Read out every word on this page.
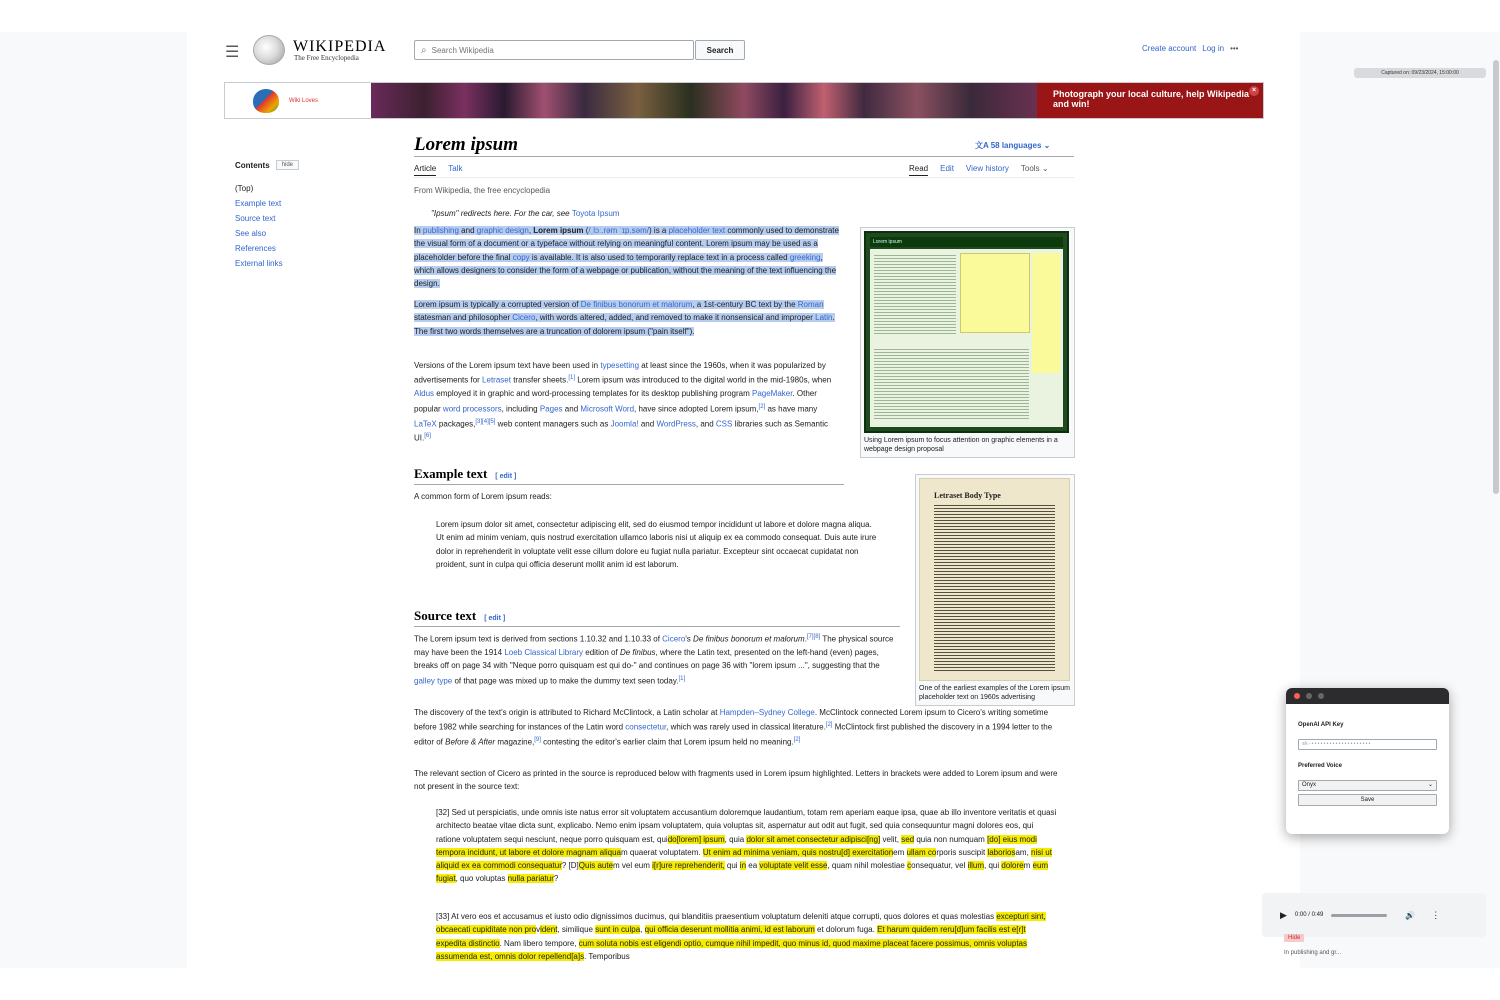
Captured on: 09/23/2024, 15:00:00
☰	WIKIPEDIA
The Free Encyclopedia
⌕
Search Wikipedia	Search	Create account Log in •••
Wiki Loves
Photograph your local culture, help Wikipedia and win!
×
Contents	hide
(Top)
Example text
Source text
See also
References
External links
Lorem ipsum	文A 58 languages ⌄
Article Talk	Read Edit View history Tools ⌄
From Wikipedia, the free encyclopedia
"Ipsum" redirects here. For the car, see Toyota Ipsum

In publishing and graphic design, Lorem ipsum (/ˌlɔː.rəm ˈɪp.səm/) is a placeholder text commonly used to demonstrate the visual form of a document or a typeface without relying on meaningful content. Lorem ipsum may be used as a placeholder before the final copy is available. It is also used to temporarily replace text in a process called greeking, which allows designers to consider the form of a webpage or publication, without the meaning of the text influencing the design.

Lorem ipsum is typically a corrupted version of De finibus bonorum et malorum, a 1st-century BC text by the Roman statesman and philosopher Cicero, with words altered, added, and removed to make it nonsensical and improper Latin. The first two words themselves are a truncation of dolorem ipsum ("pain itself").

Versions of the Lorem ipsum text have been used in typesetting at least since the 1960s, when it was popularized by advertisements for Letraset transfer sheets.[1] Lorem ipsum was introduced to the digital world in the mid-1980s, when Aldus employed it in graphic and word-processing templates for its desktop publishing program PageMaker. Other popular word processors, including Pages and Microsoft Word, have since adopted Lorem ipsum,[2] as have many LaTeX packages,[3][4][5] web content managers such as Joomla! and WordPress, and CSS libraries such as Semantic UI.[6]

Lorem ipsum
Using Lorem ipsum to focus attention on graphic elements in a webpage design proposal
Example text [ edit ]

A common form of Lorem ipsum reads:

Lorem ipsum dolor sit amet, consectetur adipiscing elit, sed do eiusmod tempor incididunt ut labore et dolore magna aliqua. Ut enim ad minim veniam, quis nostrud exercitation ullamco laboris nisi ut aliquip ex ea commodo consequat. Duis aute irure dolor in reprehenderit in voluptate velit esse cillum dolore eu fugiat nulla pariatur. Excepteur sint occaecat cupidatat non proident, sunt in culpa qui officia deserunt mollit anim id est laborum.

Letraset Body Type
One of the earliest examples of the Lorem ipsum placeholder text on 1960s advertising
Source text [ edit ]

The Lorem ipsum text is derived from sections 1.10.32 and 1.10.33 of Cicero's De finibus bonorum et malorum.[7][8] The physical source may have been the 1914 Loeb Classical Library edition of De finibus, where the Latin text, presented on the left-hand (even) pages, breaks off on page 34 with "Neque porro quisquam est qui do-" and continues on page 36 with "lorem ipsum ...", suggesting that the galley type of that page was mixed up to make the dummy text seen today.[1]

The discovery of the text's origin is attributed to Richard McClintock, a Latin scholar at Hampden–Sydney College. McClintock connected Lorem ipsum to Cicero's writing sometime before 1982 while searching for instances of the Latin word consectetur, which was rarely used in classical literature.[2] McClintock first published the discovery in a 1994 letter to the editor of Before & After magazine,[9] contesting the editor's earlier claim that Lorem ipsum held no meaning.[2]

The relevant section of Cicero as printed in the source is reproduced below with fragments used in Lorem ipsum highlighted. Letters in brackets were added to Lorem ipsum and were not present in the source text:

[32] Sed ut perspiciatis, unde omnis iste natus error sit voluptatem accusantium doloremque laudantium, totam rem aperiam eaque ipsa, quae ab illo inventore veritatis et quasi architecto beatae vitae dicta sunt, explicabo. Nemo enim ipsam voluptatem, quia voluptas sit, aspernatur aut odit aut fugit, sed quia consequuntur magni dolores eos, qui ratione voluptatem sequi nesciunt, neque porro quisquam est, quido[lorem] ipsum, quia dolor sit amet consectetur adipisci[ng] velit, sed quia non numquam [do] eius modi tempora incidunt, ut labore et dolore magnam aliquam quaerat voluptatem. Ut enim ad minima veniam, quis nostru[d] exercitationem ullam corporis suscipit laboriosam, nisi ut aliquid ex ea commodi consequatur? [D]Quis autem vel eum i[r]ure reprehenderit, qui in ea voluptate velit esse, quam nihil molestiae consequatur, vel illum, qui dolorem eum fugiat, quo voluptas nulla pariatur?

[33] At vero eos et accusamus et iusto odio dignissimos ducimus, qui blanditiis praesentium voluptatum deleniti atque corrupti, quos dolores et quas molestias excepturi sint, obcaecati cupiditate non provident, similique sunt in culpa, qui officia deserunt mollitia animi, id est laborum et dolorum fuga. Et harum quidem reru[d]um facilis est e[r]t expedita distinctio. Nam libero tempore, cum soluta nobis est eligendi optio, cumque nihil impedit, quo minus id, quod maxime placeat facere possimus, omnis voluptas assumenda est, omnis dolor repellend[a]s. Temporibus

OpenAI API Key
sk-••••••••••••••••••••
Preferred Voice
Onyx	⌄
Save
▶ 0:00 / 0:49	🔊 ⋮
Hide
In publishing and gr...
